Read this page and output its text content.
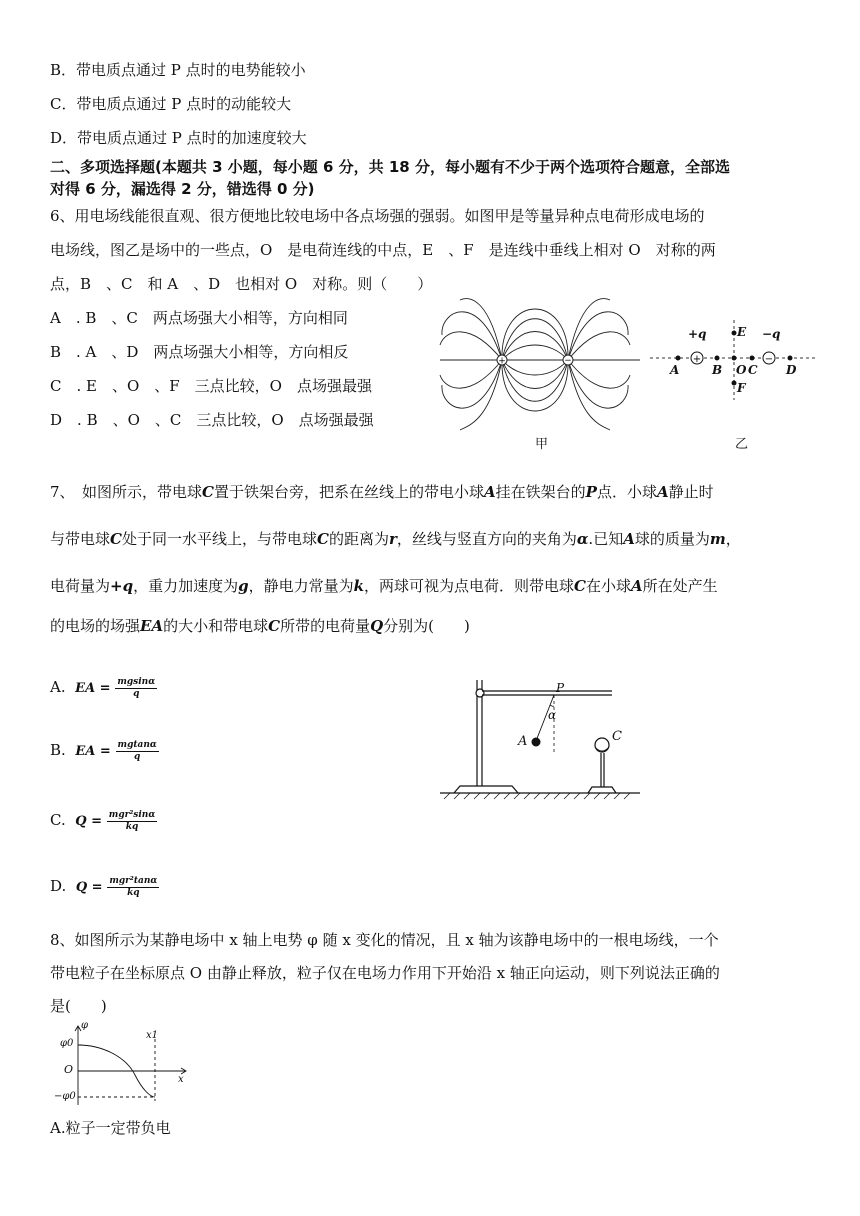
B．带电质点通过 P 点时的电势能较小
C．带电质点通过 P 点时的动能较大
D．带电质点通过 P 点时的加速度较大
二、多项选择题(本题共 3 小题，每小题 6 分，共 18 分，每小题有不少于两个选项符合题意，全部选
对得 6 分，漏选得 2 分，错选得 0 分)
6、用电场线能很直观、很方便地比较电场中各点场强的强弱。如图甲是等量异种点电荷形成电场的
电场线，图乙是场中的一些点，O　是电荷连线的中点，E　、F　是连线中垂线上相对 O　对称的两
点，B　、C　和 A　、D　也相对 O　对称。则（　　）
A　. B　、C　两点场强大小相等，方向相同
B　. A　、D　两点场强大小相等，方向相反
C　. E　、O　、F　三点比较，O　点场强最强
D　. B　、O　、C　三点比较，O　点场强最强
+	−
甲
+	−
+q	−q
E
F
A	B O C D
乙
7、　如图所示，带电球C置于铁架台旁，把系在丝线上的带电小球A挂在铁架台的P点．小球A静止时
与带电球C处于同一水平线上，与带电球C的距离为r，丝线与竖直方向的夹角为α.已知A球的质量为m，
电荷量为+q，重力加速度为g，静电力常量为k，两球可视为点电荷．则带电球C在小球A所在处产生
的电场的场强EA的大小和带电球C所带的电荷量Q分别为(　　)
A. EA = $\frac{mgsin\alpha}{q}$
B. EA = $\frac{mgtan\alpha}{q}$
C. $Q = \frac{\text{mgr²sinα}}{kq}$
D. $Q = \frac{\text{mgr²tanα}}{kq}$
P
α
A	C
8、如图所示为某静电场中 x 轴上电势 φ 随 x 变化的情况，且 x 轴为该静电场中的一根电场线，一个
带电粒子在坐标原点 O 由静止释放，粒子仅在电场力作用下开始沿 x 轴正向运动，则下列说法正确的
是(　　)
φ
φ0
O
−φ0
x1
x
A.粒子一定带负电
